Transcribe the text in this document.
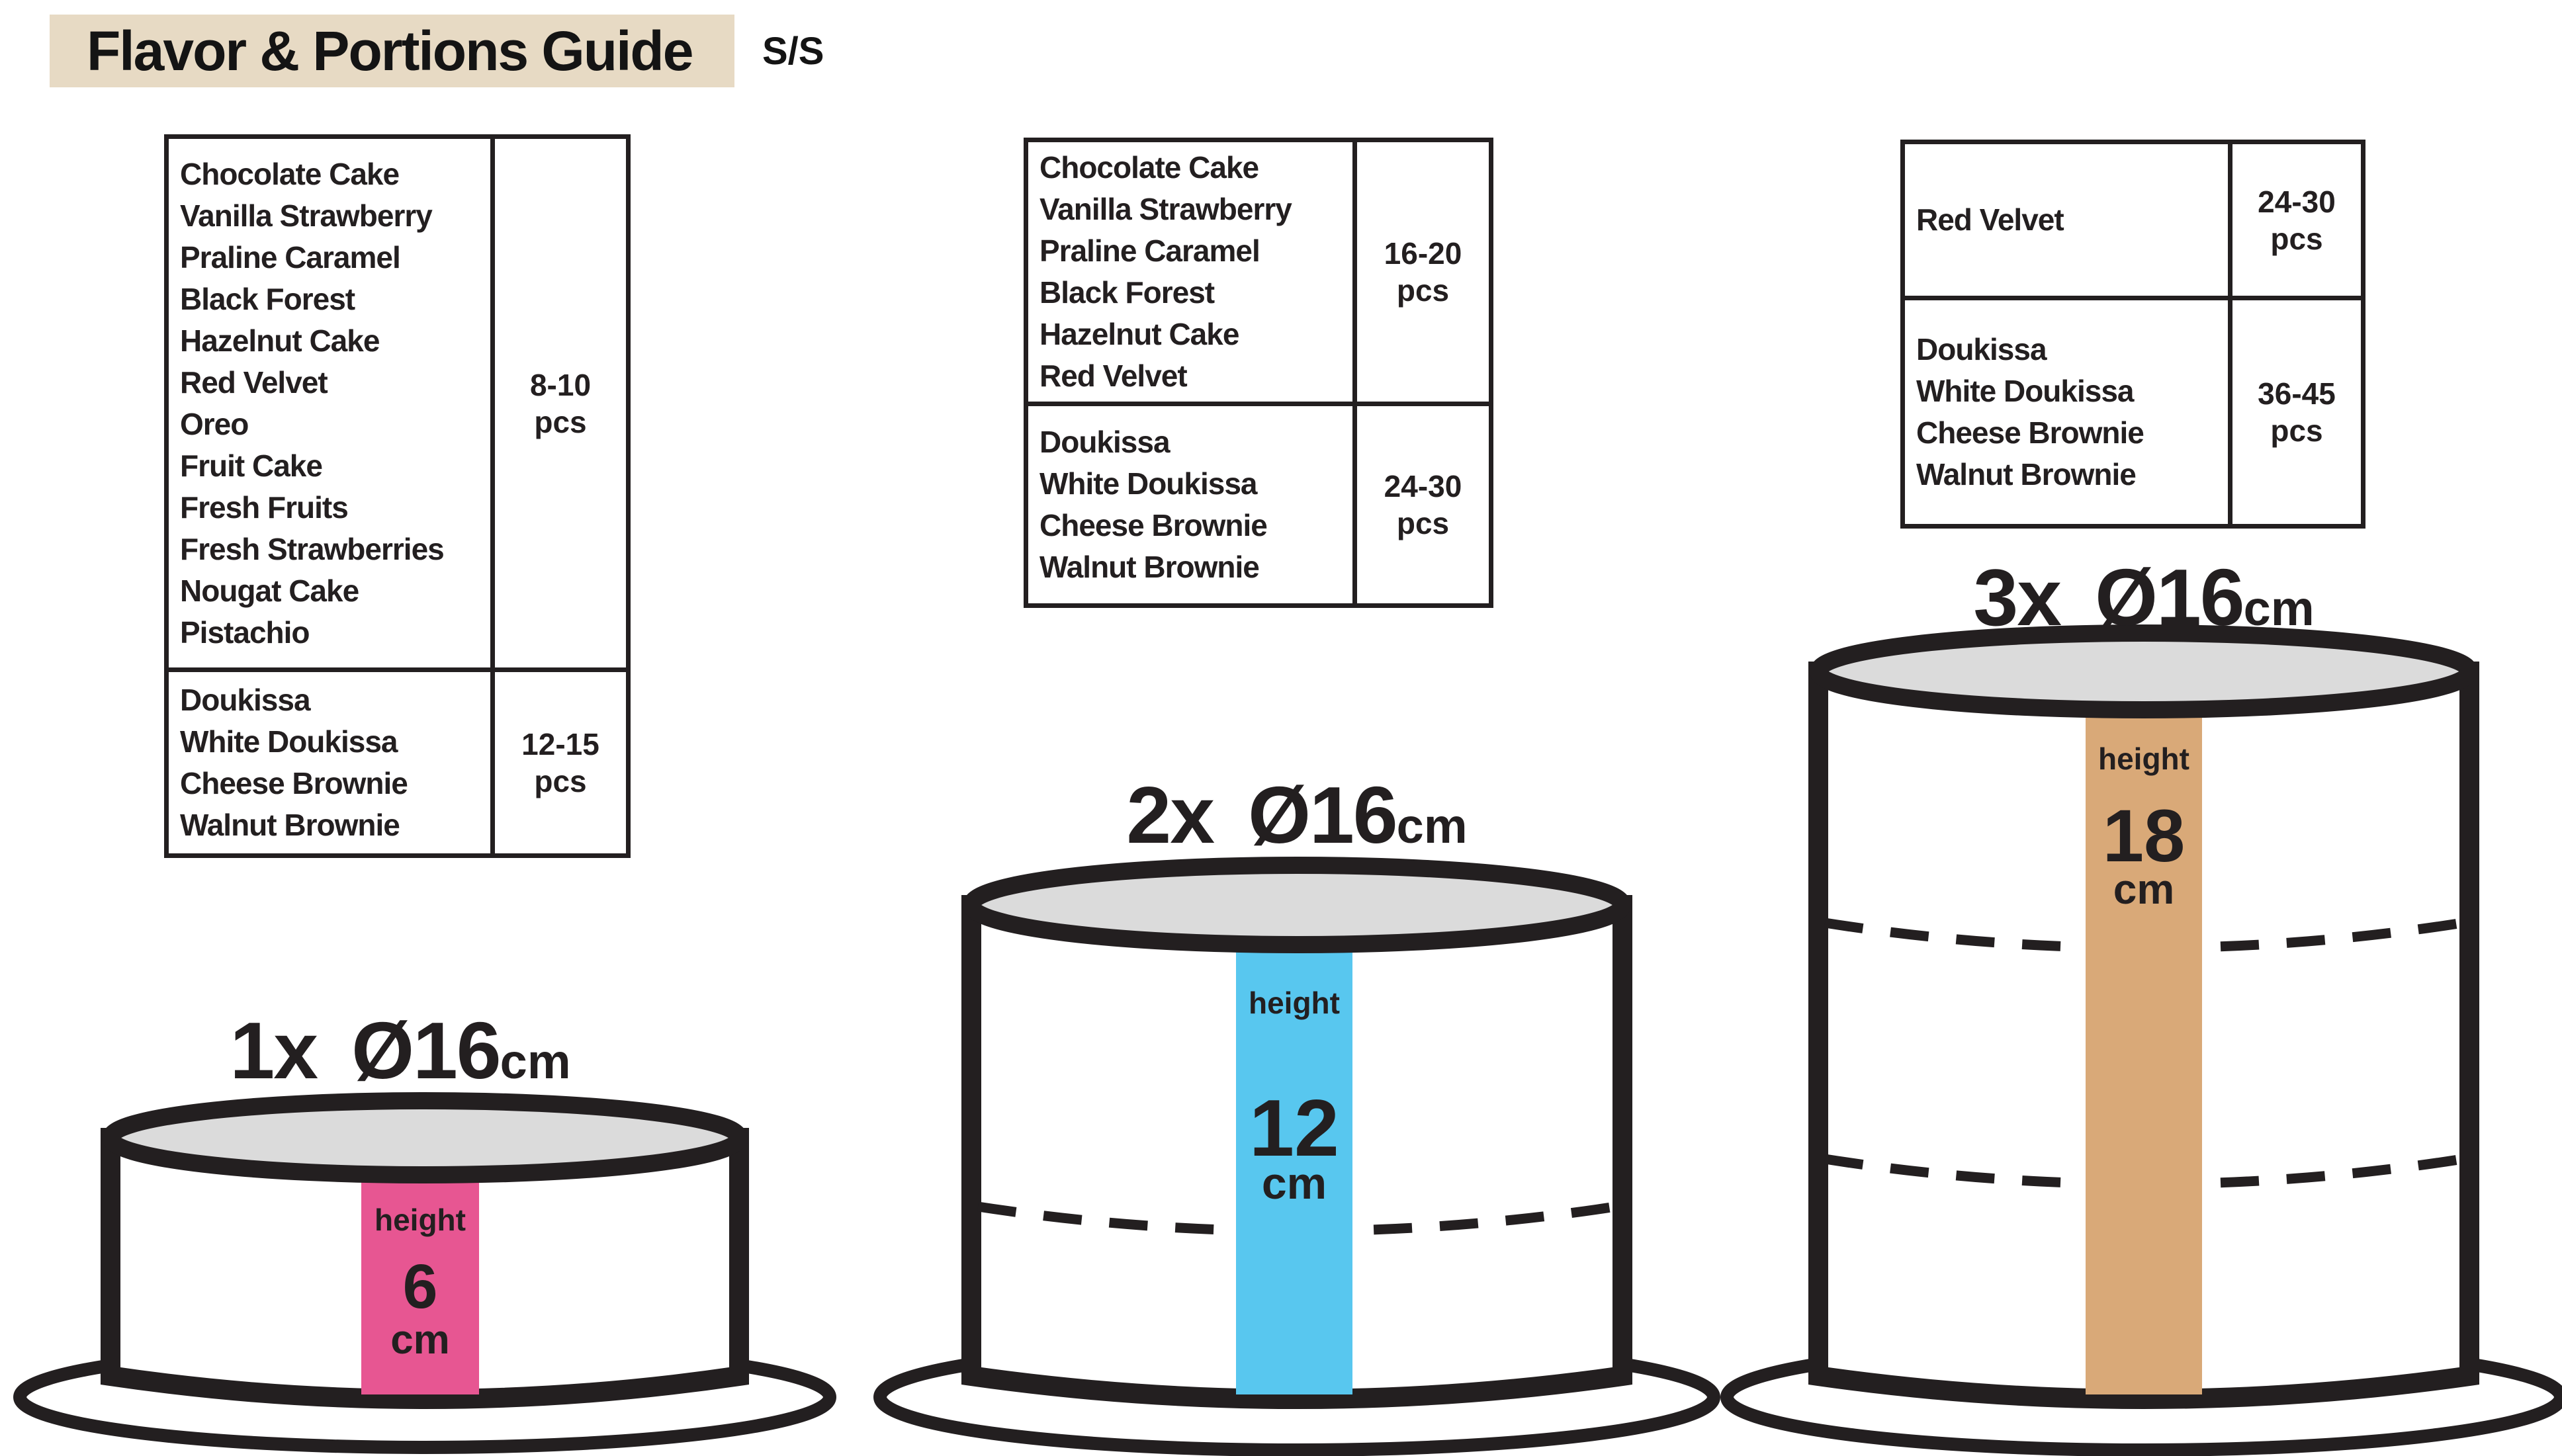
Flavor & Portions Guide S/S
height
6
cm
height
12
cm
height
18
cm
1x Ø16cm
2x Ø16cm
3x Ø16cm
Chocolate Cake
Vanilla Strawberry
Praline Caramel
Black Forest
Hazelnut Cake
Red Velvet
Oreo
Fruit Cake
Fresh Fruits
Fresh Strawberries
Nougat Cake
Pistachio
8-10
pcs
Doukissa
White Doukissa
Cheese Brownie
Walnut Brownie
12-15
pcs
Chocolate Cake
Vanilla Strawberry
Praline Caramel
Black Forest
Hazelnut Cake
Red Velvet
16-20
pcs
Doukissa
White Doukissa
Cheese Brownie
Walnut Brownie
24-30
pcs
Red Velvet
24-30
pcs
Doukissa
White Doukissa
Cheese Brownie
Walnut Brownie
36-45
pcs
